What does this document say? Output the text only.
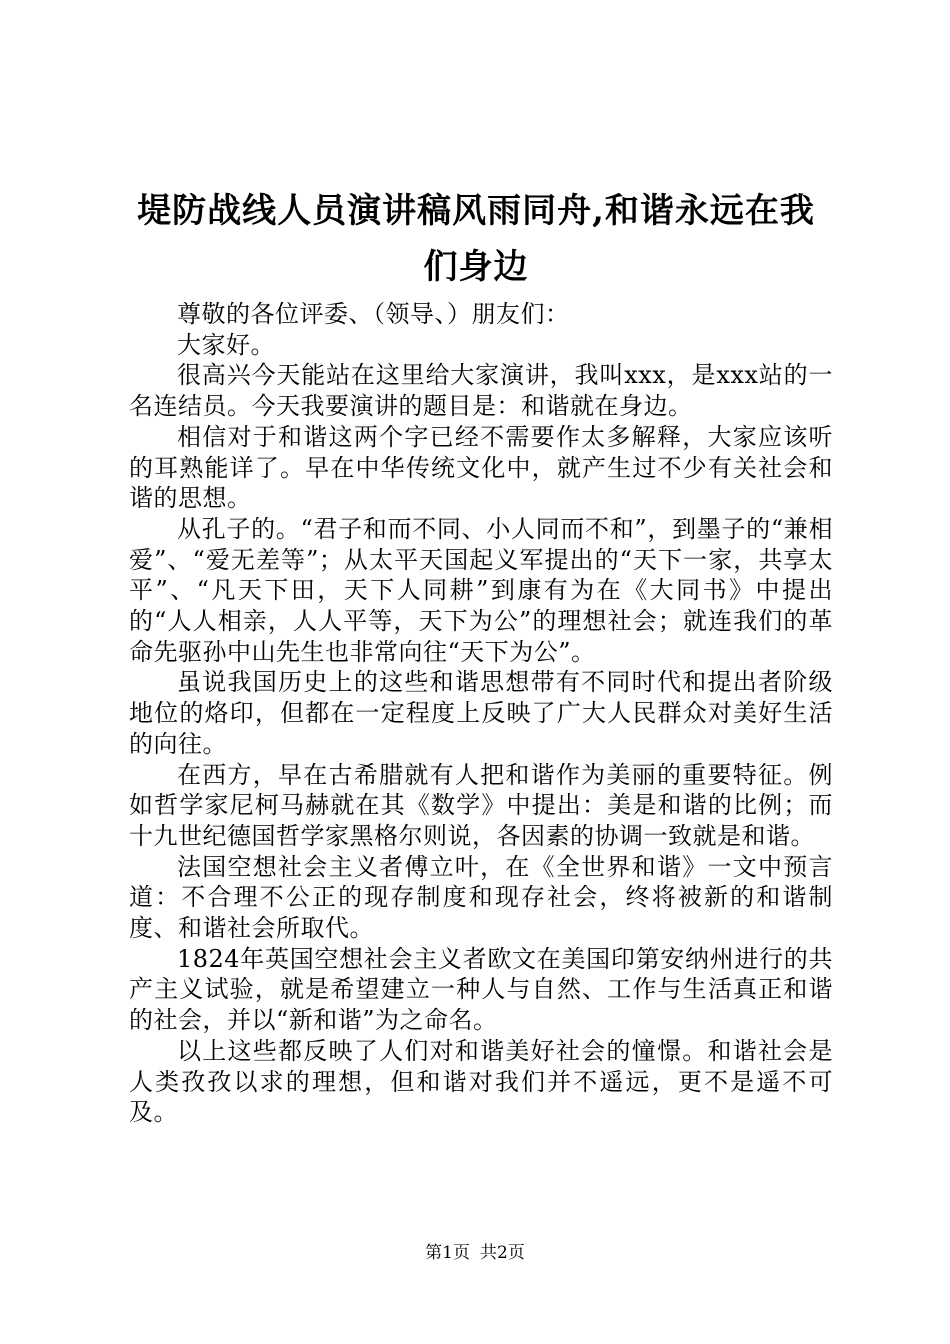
堤防战线人员演讲稿风雨同舟,和谐永远在我们身边

尊敬的各位评委、（领导、）朋友们：

大家好。

很高兴今天能站在这里给大家演讲，我叫xxx，是xxx站的一名连结员。今天我要演讲的题目是：和谐就在身边。

相信对于和谐这两个字已经不需要作太多解释，大家应该听的耳熟能详了。早在中华传统文化中，就产生过不少有关社会和谐的思想。

从孔子的。“君子和而不同、小人同而不和”，到墨子的“兼相爱”、“爱无差等”；从太平天国起义军提出的“天下一家，共享太平”、“凡天下田，天下人同耕”到康有为在《大同书》中提出的“人人相亲，人人平等，天下为公”的理想社会；就连我们的革命先驱孙中山先生也非常向往“天下为公”。

虽说我国历史上的这些和谐思想带有不同时代和提出者阶级地位的烙印，但都在一定程度上反映了广大人民群众对美好生活的向往。

在西方，早在古希腊就有人把和谐作为美丽的重要特征。例如哲学家尼柯马赫就在其《数学》中提出：美是和谐的比例；而十九世纪德国哲学家黑格尔则说，各因素的协调一致就是和谐。

法国空想社会主义者傅立叶，在《全世界和谐》一文中预言道：不合理不公正的现存制度和现存社会，终将被新的和谐制度、和谐社会所取代。

1824年英国空想社会主义者欧文在美国印第安纳州进行的共产主义试验，就是希望建立一种人与自然、工作与生活真正和谐的社会，并以“新和谐”为之命名。

以上这些都反映了人们对和谐美好社会的憧憬。和谐社会是人类孜孜以求的理想，但和谐对我们并不遥远，更不是遥不可及。

第1页 共2页
